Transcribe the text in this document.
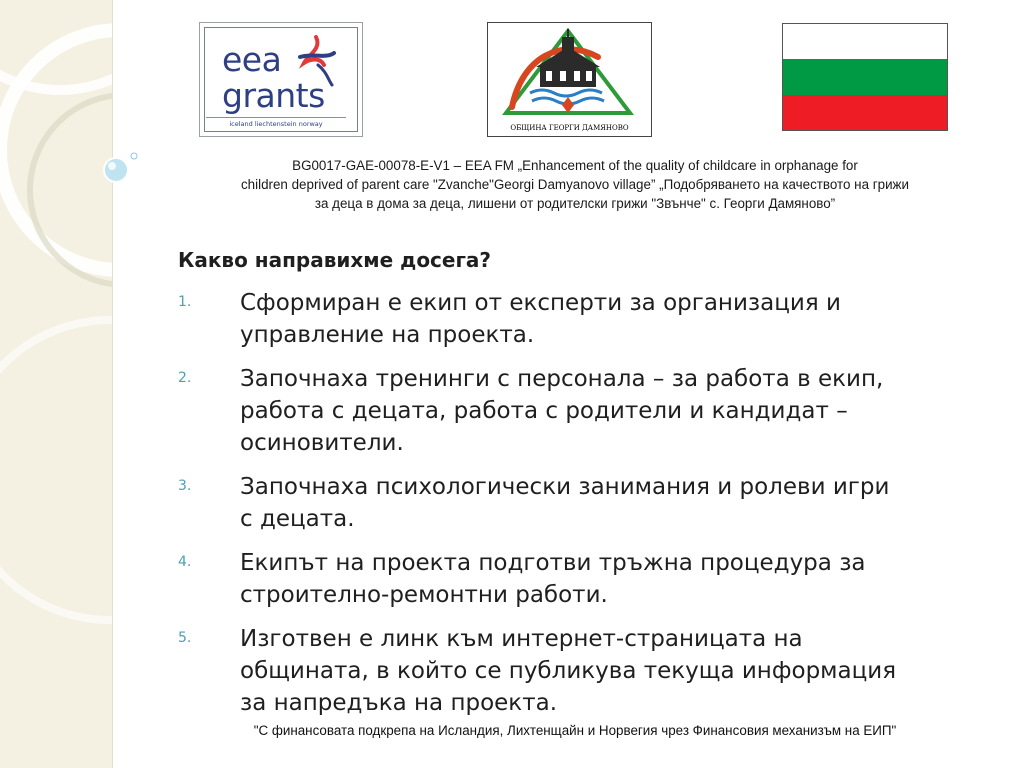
eea
grants
iceland liechtenstein norway	ОБЩИНА ГЕОРГИ ДАМЯНОВО
BG0017-GAE-00078-E-V1 – EEA FM „Enhancement of the quality of childcare in orphanage for
children deprived of parent care "Zvanche"Georgi Damyanovo village” „Подобряването на качеството на грижи
за деца в дома за деца, лишени от родителски грижи "Звънче" с. Георги Дамяново”
Какво направихме досега?
1. Сформиран е екип от експерти за организация и
управление на проекта.
2. Започнаха тренинги с персонала – за работа в екип,
работа с децата, работа с родители и кандидат –
осиновители.
3. Започнаха психологически занимания и ролеви игри
с децата.
4. Екипът на проекта подготви тръжна процедура за
строително-ремонтни работи.
5. Изготвен е линк към интернет-страницата на
общината, в който се публикува текуща информация
за напредъка на проекта.
"С финансовата подкрепа на Исландия, Лихтенщайн и Норвегия чрез Финансовия механизъм на ЕИП"
